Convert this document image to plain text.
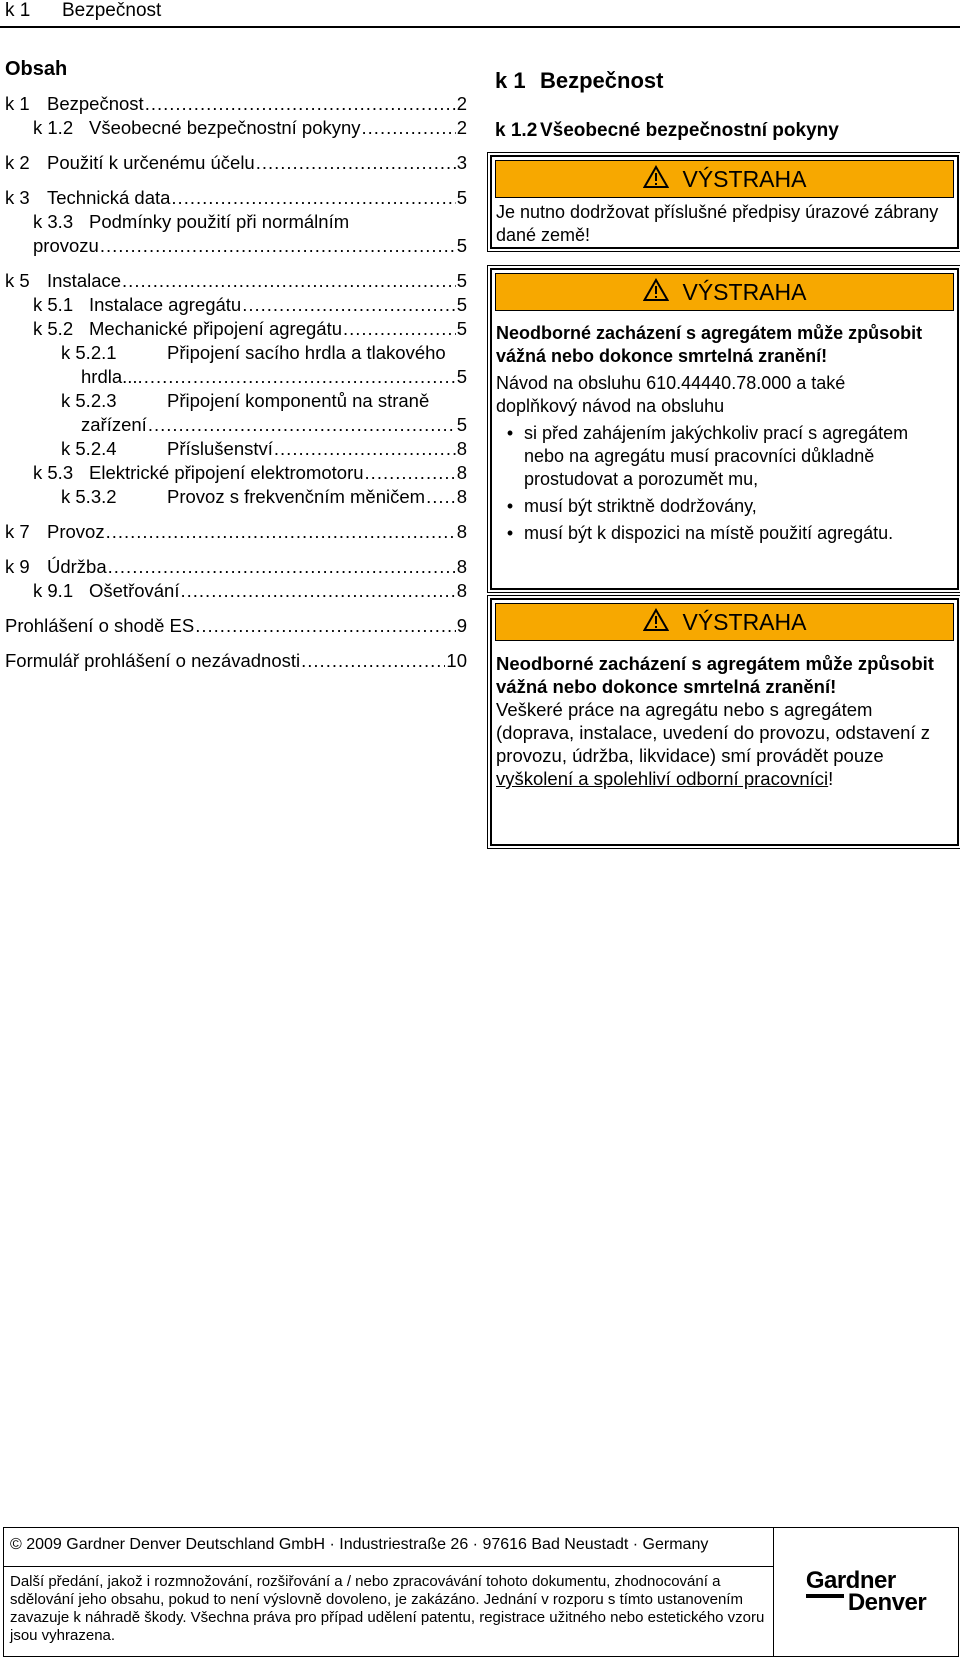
k 1 Bezpečnost
Obsah
k 1 Bezpečnost .....	2
k 1.2 Všeobecné bezpečnostní pokyny .....	2
k 2 Použití k určenému účelu .....	3
k 3 Technická data .....	5
k 3.3 Podmínky použití při normálním
provozu .....	5
k 5 Instalace .....	5
k 5.1 Instalace agregátu .....	5
k 5.2 Mechanické připojení agregátu .....	5
k 5.2.1	Připojení sacího hrdla a tlakového
hrdla.... .....	5
k 5.2.3	Připojení komponentů na straně
zařízení .....	5
k 5.2.4	Příslušenství .....	8
k 5.3 Elektrické připojení elektromotoru .....	8
k 5.3.2	Provoz s frekvenčním měničem ..... 8
k 7 Provoz .....	8
k 9 Údržba .....	8
k 9.1 Ošetřování .....	8
Prohlášení o shodě ES .....	9
Formulář prohlášení o nezávadnosti .....	10
k 1 Bezpečnost
k 1.2 Všeobecné bezpečnostní pokyny
VÝSTRAHA
Je nutno dodržovat příslušné předpisy úrazové zábrany dané země!
VÝSTRAHA
Neodborné zacházení s agregátem může způsobit vážná nebo dokonce smrtelná zranění!
Návod na obsluhu 610.44440.78.000 a také
doplňkový návod na obsluhu
• si před zahájením jakýchkoliv prací s agregátem nebo na agregátu musí pracovníci důkladně prostudovat a porozumět mu,
• musí být striktně dodržovány,
• musí být k dispozici na místě použití agregátu.
VÝSTRAHA
Neodborné zacházení s agregátem může způsobit vážná nebo dokonce smrtelná zranění!
Veškeré práce na agregátu nebo s agregátem (doprava, instalace, uvedení do provozu, odstavení z provozu, údržba, likvidace) smí provádět pouze vyškolení a spolehliví odborní pracovníci!
© 2009 Gardner Denver Deutschland GmbH · Industriestraße 26 · 97616 Bad Neustadt · Germany
Další předání, jakož i rozmnožování, rozšiřování a / nebo zpracovávání tohoto dokumentu, zhodnocování a sdělování jeho obsahu, pokud to není výslovně dovoleno, je zakázáno. Jednání v rozporu s tímto ustanovením zavazuje k náhradě škody. Všechna práva pro případ udělení patentu, registrace užitného nebo estetického vzoru jsou vyhrazena.
Gardner
Denver
